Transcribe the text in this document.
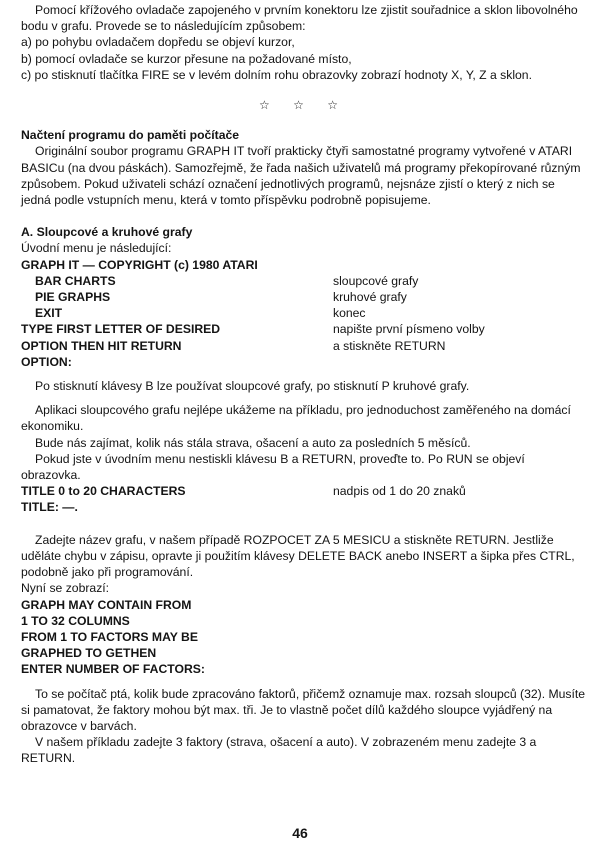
Pomocí křížového ovladače zapojeného v prvním konektoru lze zjistit souřadnice a sklon libovolného bodu v grafu. Provede se to následujícím způsobem:

a) po pohybu ovladačem dopředu se objeví kurzor,

b) pomocí ovladače se kurzor přesune na požadované místo,

c) po stisknutí tlačítka FIRE se v levém dolním rohu obrazovky zobrazí hodnoty X, Y, Z a sklon.

☆ ☆ ☆

Načtení programu do paměti počítače

Originální soubor programu GRAPH IT tvoří prakticky čtyři samostatné programy vytvořené v ATARI BASICu (na dvou páskách). Samozřejmě, že řada našich uživatelů má programy překopírované různým způsobem. Pokud uživateli schází označení jednotlivých programů, nejsnáze zjistí o který z nich se jedná podle vstupních menu, která v tomto příspěvku podrobně popisujeme.

A. Sloupcové a kruhové grafy

Úvodní menu je následující:

GRAPH IT — COPYRIGHT (c) 1980 ATARI

BAR CHARTS	sloupcové grafy
PIE GRAPHS	kruhové grafy
EXIT	konec
TYPE FIRST LETTER OF DESIRED	napište první písmeno volby
OPTION THEN HIT RETURN	a stiskněte RETURN

OPTION:

Po stisknutí klávesy B lze používat sloupcové grafy, po stisknutí P kruhové grafy.

Aplikaci sloupcového grafu nejlépe ukážeme na příkladu, pro jednoduchost zaměřeného na domácí ekonomiku.

Bude nás zajímat, kolik nás stála strava, ošacení a auto za posledních 5 měsíců.

Pokud jste v úvodním menu nestiskli klávesu B a RETURN, proveďte to. Po RUN se objeví obrazovka.

TITLE 0 to 20 CHARACTERS	nadpis od 1 do 20 znaků

TITLE: —.

Zadejte název grafu, v našem případě ROZPOCET ZA 5 MESICU a stiskněte RETURN. Jestliže uděláte chybu v zápisu, opravte ji použitím klávesy DELETE BACK anebo INSERT a šipka přes CTRL, podobně jako při programování.

Nyní se zobrazí:

GRAPH MAY CONTAIN FROM

1 TO 32 COLUMNS

FROM 1 TO FACTORS MAY BE

GRAPHED TO GETHEN

ENTER NUMBER OF FACTORS:

To se počítač ptá, kolik bude zpracováno faktorů, přičemž oznamuje max. rozsah sloupců (32). Musíte si pamatovat, že faktory mohou být max. tři. Je to vlastně počet dílů každého sloupce vyjádřený na obrazovce v barvách.

V našem příkladu zadejte 3 faktory (strava, ošacení a auto). V zobrazeném menu zadejte 3 a RETURN.

46
